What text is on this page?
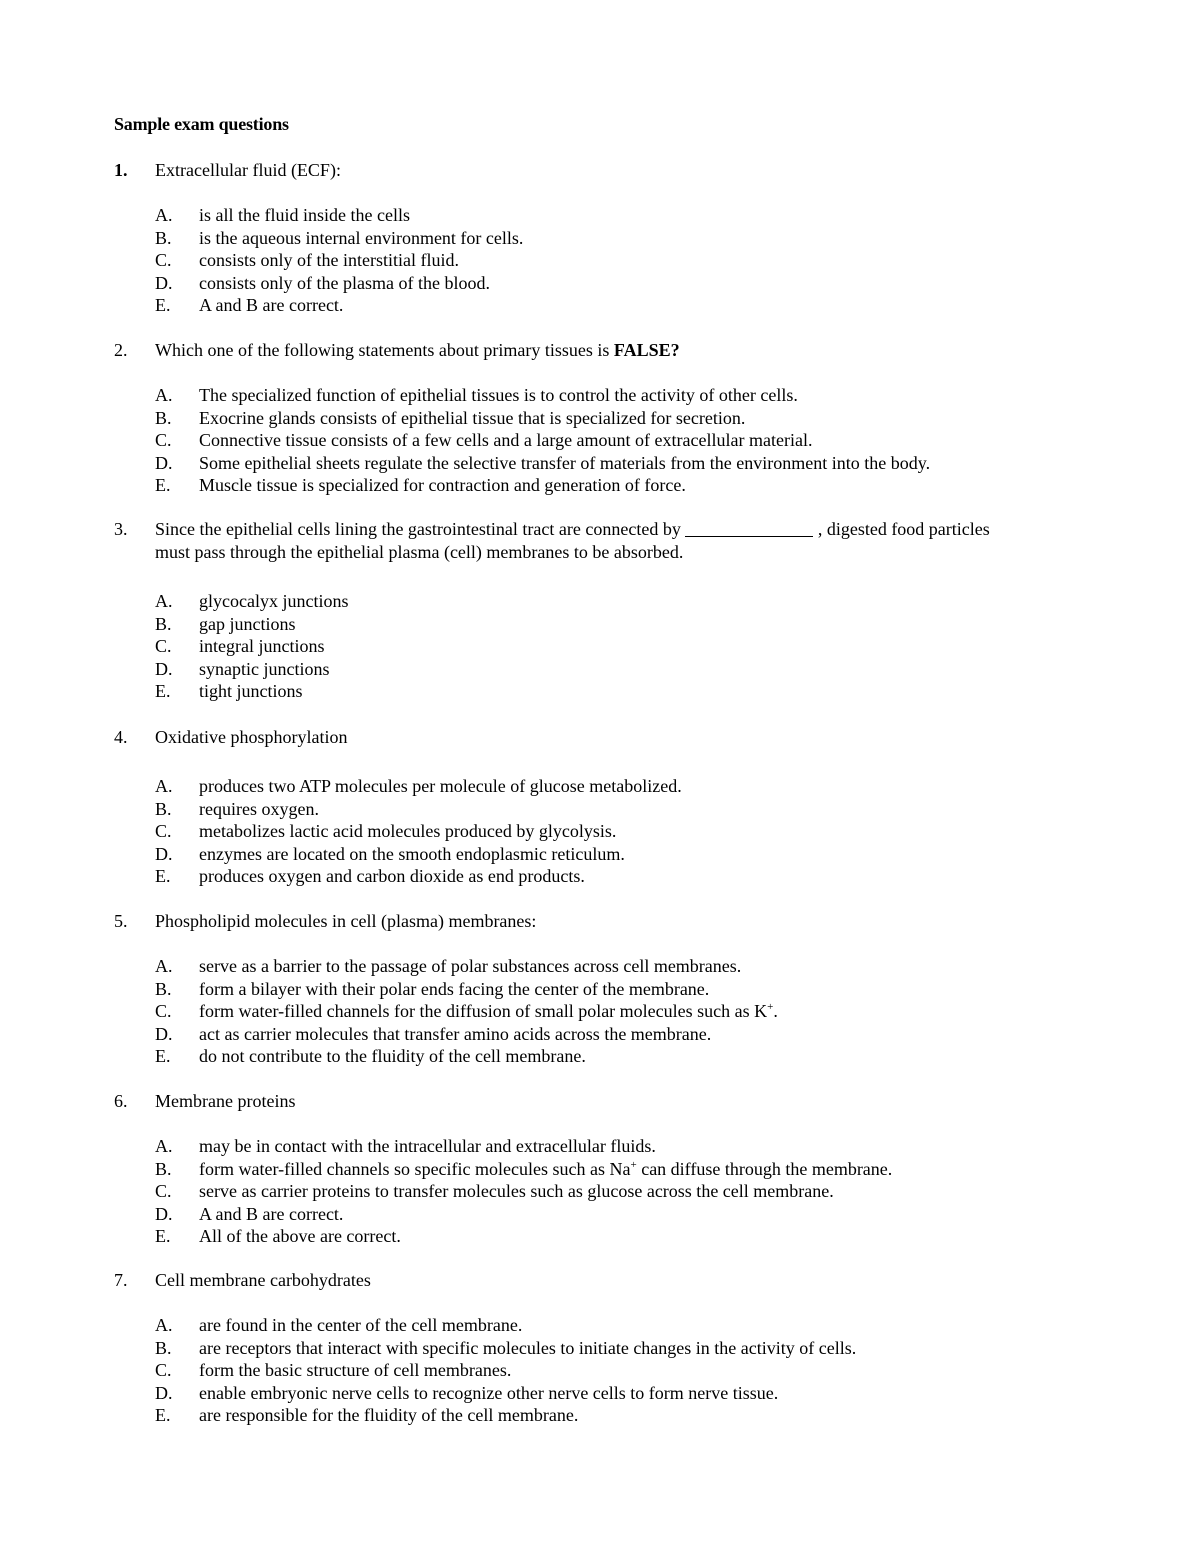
Sample exam questions
1. Extracellular fluid (ECF):
A. is all the fluid inside the cells
B. is the aqueous internal environment for cells.
C. consists only of the interstitial fluid.
D. consists only of the plasma of the blood.
E. A and B are correct.
2. Which one of the following statements about primary tissues is FALSE?
A. The specialized function of epithelial tissues is to control the activity of other cells.
B. Exocrine glands consists of epithelial tissue that is specialized for secretion.
C. Connective tissue consists of a few cells and a large amount of extracellular material.
D. Some epithelial sheets regulate the selective transfer of materials from the environment into the body.
E. Muscle tissue is specialized for contraction and generation of force.
3. Since the epithelial cells lining the gastrointestinal tract are connected by	, digested food particles
must pass through the epithelial plasma (cell) membranes to be absorbed.
A. glycocalyx junctions
B. gap junctions
C. integral junctions
D. synaptic junctions
E. tight junctions
4. Oxidative phosphorylation
A. produces two ATP molecules per molecule of glucose metabolized.
B. requires oxygen.
C. metabolizes lactic acid molecules produced by glycolysis.
D. enzymes are located on the smooth endoplasmic reticulum.
E. produces oxygen and carbon dioxide as end products.
5. Phospholipid molecules in cell (plasma) membranes:
A. serve as a barrier to the passage of polar substances across cell membranes.
B. form a bilayer with their polar ends facing the center of the membrane.
C. form water-filled channels for the diffusion of small polar molecules such as K+.
D. act as carrier molecules that transfer amino acids across the membrane.
E. do not contribute to the fluidity of the cell membrane.
6. Membrane proteins
A. may be in contact with the intracellular and extracellular fluids.
B. form water-filled channels so specific molecules such as Na+ can diffuse through the membrane.
C. serve as carrier proteins to transfer molecules such as glucose across the cell membrane.
D. A and B are correct.
E. All of the above are correct.
7. Cell membrane carbohydrates
A. are found in the center of the cell membrane.
B. are receptors that interact with specific molecules to initiate changes in the activity of cells.
C. form the basic structure of cell membranes.
D. enable embryonic nerve cells to recognize other nerve cells to form nerve tissue.
E. are responsible for the fluidity of the cell membrane.
